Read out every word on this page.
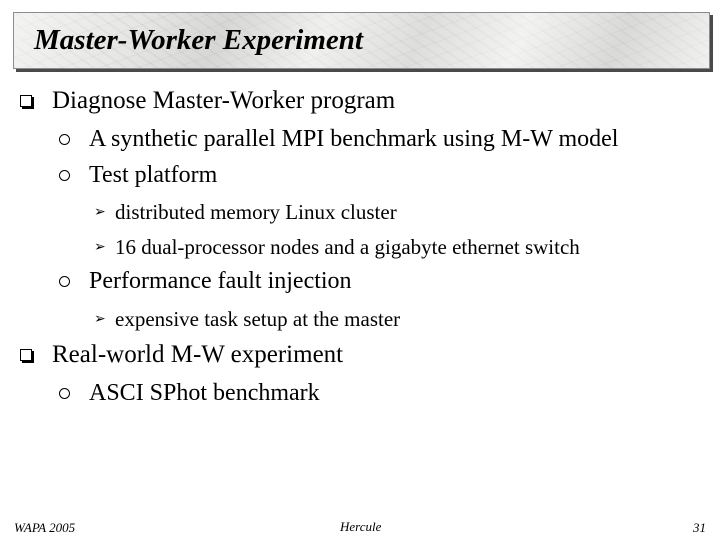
Master-Worker Experiment
Diagnose Master-Worker program
A synthetic parallel MPI benchmark using M-W model
Test platform
➢ distributed memory Linux cluster
➢ 16 dual-processor nodes and a gigabyte ethernet switch
Performance fault injection
➢ expensive task setup at the master
Real-world M-W experiment
ASCI SPhot benchmark
WAPA 2005	Hercule	31
